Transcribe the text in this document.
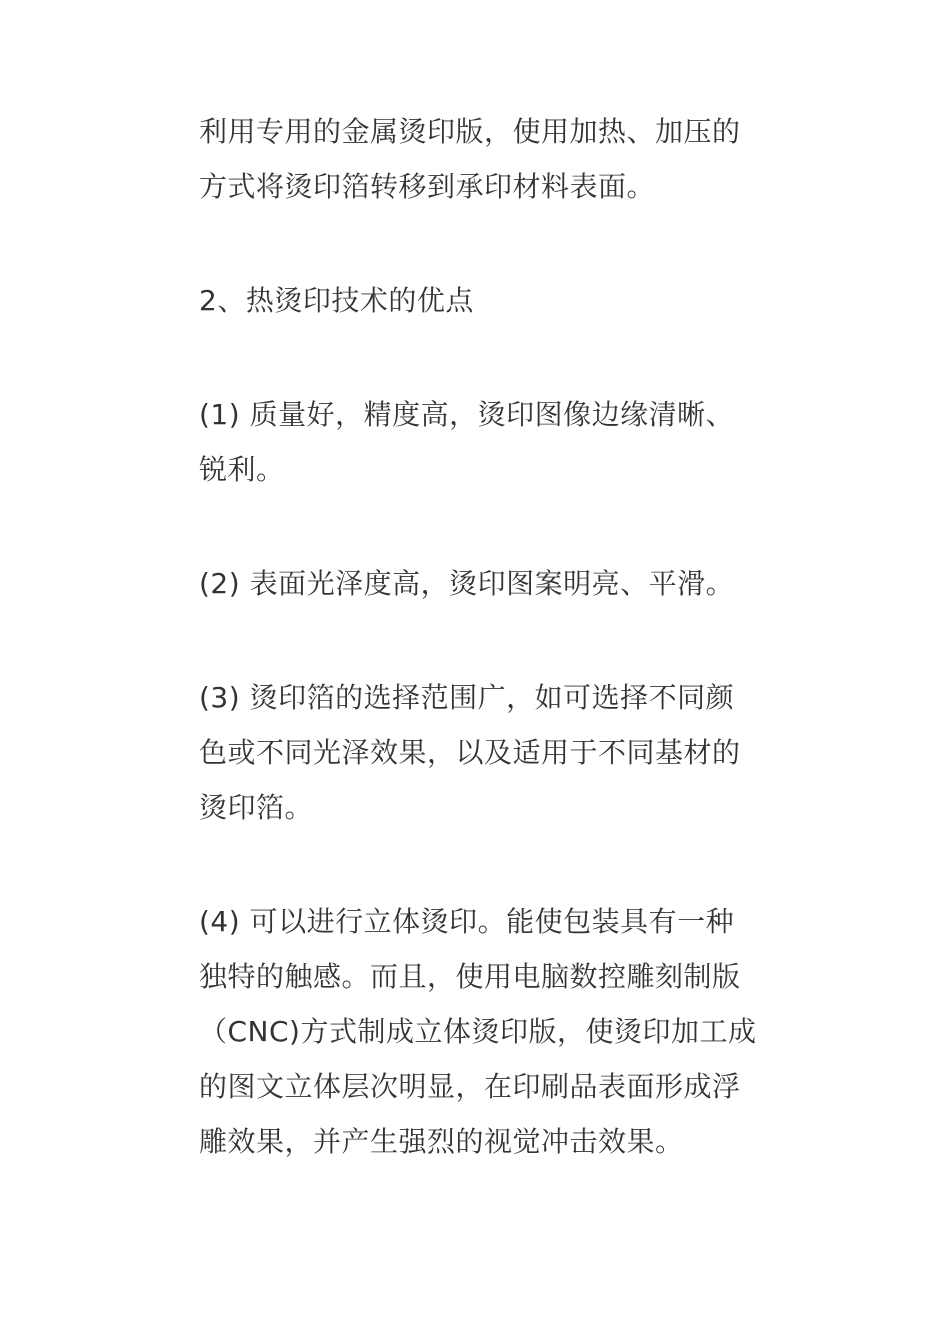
利用专用的金属烫印版，使用加热、加压的
方式将烫印箔转移到承印材料表面。
2、热烫印技术的优点
(1) 质量好，精度高，烫印图像边缘清晰、
锐利。
(2) 表面光泽度高，烫印图案明亮、平滑。
(3) 烫印箔的选择范围广，如可选择不同颜
色或不同光泽效果，以及适用于不同基材的
烫印箔。
(4) 可以进行立体烫印。能使包装具有一种
独特的触感。而且，使用电脑数控雕刻制版
（CNC)方式制成立体烫印版，使烫印加工成
的图文立体层次明显，在印刷品表面形成浮
雕效果，并产生强烈的视觉冲击效果。
